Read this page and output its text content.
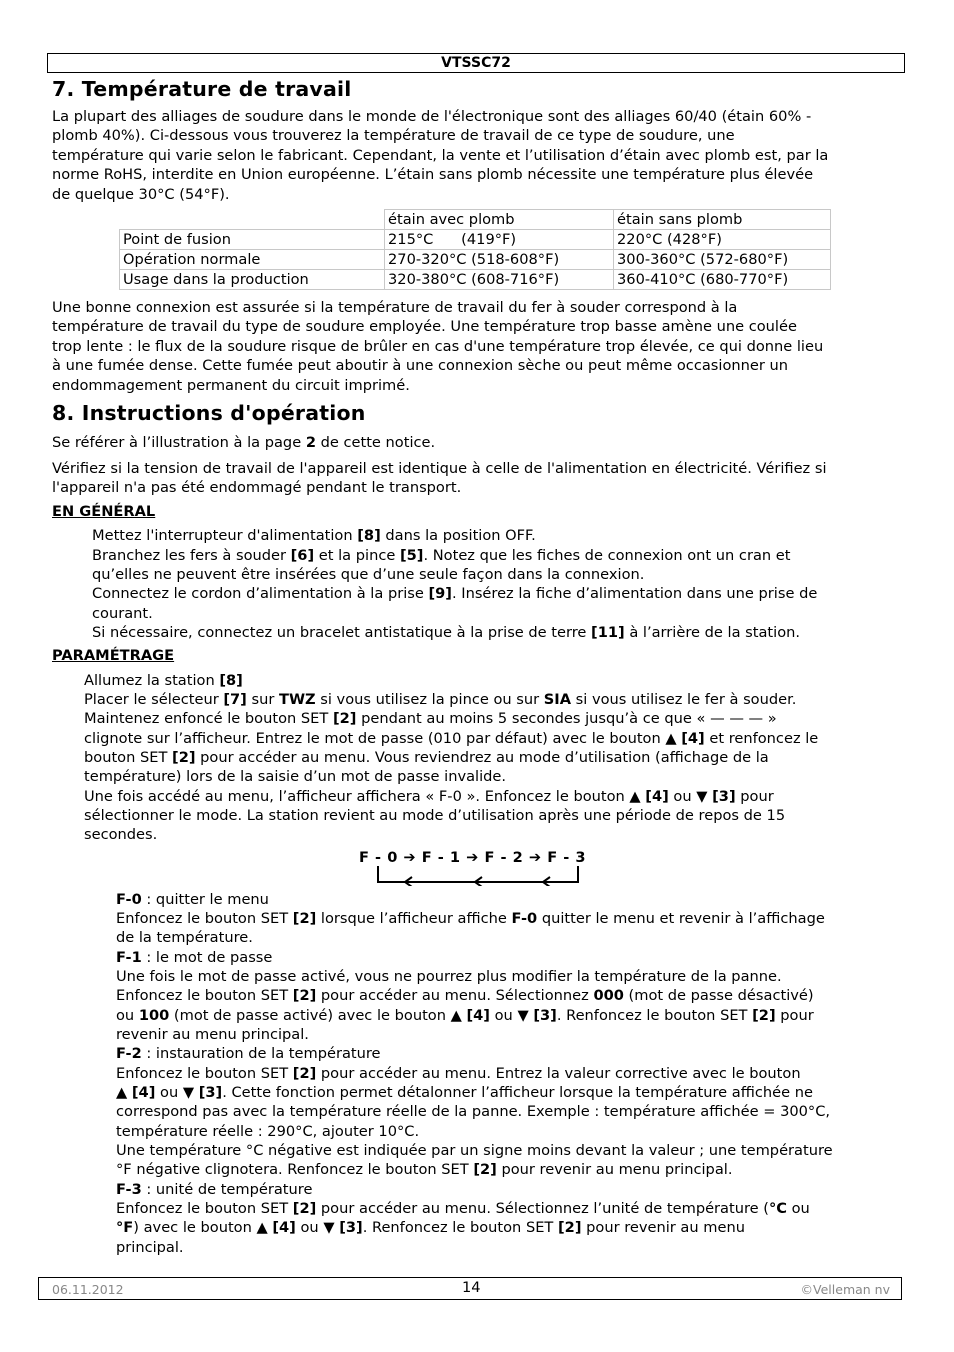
VTSSC72
7. Température de travail
La plupart des alliages de soudure dans le monde de l'électronique sont des alliages 60/40 (étain 60% -
plomb 40%). Ci-dessous vous trouverez la température de travail de ce type de soudure, une
température qui varie selon le fabricant. Cependant, la vente et l’utilisation d’étain avec plomb est, par la
norme RoHS, interdite en Union européenne. L’étain sans plomb nécessite une température plus élevée
de quelque 30°C (54°F).
	étain avec plomb	étain sans plomb
Point de fusion	215°C      (419°F)	220°C (428°F)
Opération normale	270-320°C (518-608°F)	300-360°C (572-680°F)
Usage dans la production	320-380°C (608-716°F)	360-410°C (680-770°F)
Une bonne connexion est assurée si la température de travail du fer à souder correspond à la
température de travail du type de soudure employée. Une température trop basse amène une coulée
trop lente : le flux de la soudure risque de brûler en cas d'une température trop élevée, ce qui donne lieu
à une fumée dense. Cette fumée peut aboutir à une connexion sèche ou peut même occasionner un
endommagement permanent du circuit imprimé.
8. Instructions d'opération
Se référer à l’illustration à la page 2 de cette notice.
Vérifiez si la tension de travail de l'appareil est identique à celle de l'alimentation en électricité. Vérifiez si
l'appareil n'a pas été endommagé pendant le transport.
EN GÉNÉRAL
Mettez l'interrupteur d'alimentation [8] dans la position OFF.
Branchez les fers à souder [6] et la pince [5]. Notez que les fiches de connexion ont un cran et
qu’elles ne peuvent être insérées que d’une seule façon dans la connexion.
Connectez le cordon d’alimentation à la prise [9]. Insérez la fiche d’alimentation dans une prise de
courant.
Si nécessaire, connectez un bracelet antistatique à la prise de terre [11] à l’arrière de la station.
PARAMÉTRAGE
Allumez la station [8]
Placer le sélecteur [7] sur TWZ si vous utilisez la pince ou sur SIA si vous utilisez le fer à souder.
Maintenez enfoncé le bouton SET [2] pendant au moins 5 secondes jusqu’à ce que « — — — »
clignote sur l’afficheur. Entrez le mot de passe (010 par défaut) avec le bouton ▲ [4] et renfoncez le
bouton SET [2] pour accéder au menu. Vous reviendrez au mode d’utilisation (affichage de la
température) lors de la saisie d’un mot de passe invalide.
Une fois accédé au menu, l’afficheur affichera « F-0 ». Enfoncez le bouton ▲ [4] ou ▼ [3] pour
sélectionner le mode. La station revient au mode d’utilisation après une période de repos de 15
secondes.
F - 0 ➔ F - 1 ➔ F - 2 ➔ F - 3
F-0 : quitter le menu
Enfoncez le bouton SET [2] lorsque l’afficheur affiche F-0 quitter le menu et revenir à l’affichage
de la température.
F-1 : le mot de passe
Une fois le mot de passe activé, vous ne pourrez plus modifier la température de la panne.
Enfoncez le bouton SET [2] pour accéder au menu. Sélectionnez 000 (mot de passe désactivé)
ou 100 (mot de passe activé) avec le bouton ▲ [4] ou ▼ [3]. Renfoncez le bouton SET [2] pour
revenir au menu principal.
F-2 : instauration de la température
Enfoncez le bouton SET [2] pour accéder au menu. Entrez la valeur corrective avec le bouton
▲ [4] ou ▼ [3]. Cette fonction permet détalonner l’afficheur lorsque la température affichée ne
correspond pas avec la température réelle de la panne. Exemple : température affichée = 300°C,
température réelle : 290°C, ajouter 10°C.
Une température °C négative est indiquée par un signe moins devant la valeur ; une température
°F négative clignotera. Renfoncez le bouton SET [2] pour revenir au menu principal.
F-3 : unité de température
Enfoncez le bouton SET [2] pour accéder au menu. Sélectionnez l’unité de température (°C ou
°F) avec le bouton ▲ [4] ou ▼ [3]. Renfoncez le bouton SET [2] pour revenir au menu
principal.
06.11.2012	14	©Velleman nv
